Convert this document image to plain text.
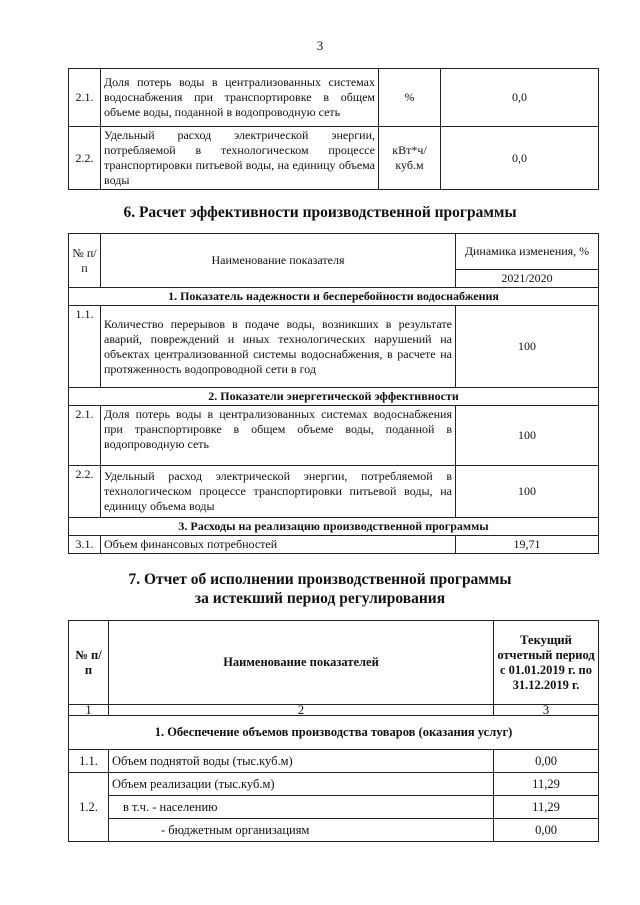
3
2.1.	Доля потерь воды в централизованных системах водоснабжения при транспортировке в общем объеме воды, поданной в водопроводную сеть	%	0,0
2.2.	Удельный расход электрической энергии, потребляемой в технологическом процессе транспортировки питьевой воды, на единицу объема воды	кВт*ч/ куб.м	0,0
6. Расчет эффективности производственной программы
№ п/п	Наименование показателя	Динамика изменения, %
		2021/2020
1. Показатель надежности и бесперебойности водоснабжения		
1.1.	Количество перерывов в подаче воды, возникших в результате аварий, повреждений и иных технологических нарушений на объектах централизованной системы водоснабжения, в расчете на протяженность водопроводной сети в год	100
2. Показатели энергетической эффективности		
2.1.	Доля потерь воды в централизованных системах водоснабжения при транспортировке в общем объеме воды, поданной в водопроводную сеть	100
2.2.	Удельный расход электрической энергии, потребляемой в технологическом процессе транспортировки питьевой воды, на единицу объема воды	100
3. Расходы на реализацию производственной программы		
3.1.	Объем финансовых потребностей	19,71
7. Отчет об исполнении производственной программы
за истекший период регулирования
№ п/п	Наименование показателей	Текущий отчетный период с 01.01.2019 г. по 31.12.2019 г.
1	2	3
1. Обеспечение объемов производства товаров (оказания услуг)		
1.1.	Объем поднятой воды (тыс.куб.м)	0,00
1.2.	Объем реализации (тыс.куб.м)	11,29
	в т.ч. - населению	11,29
	- бюджетным организациям	0,00
